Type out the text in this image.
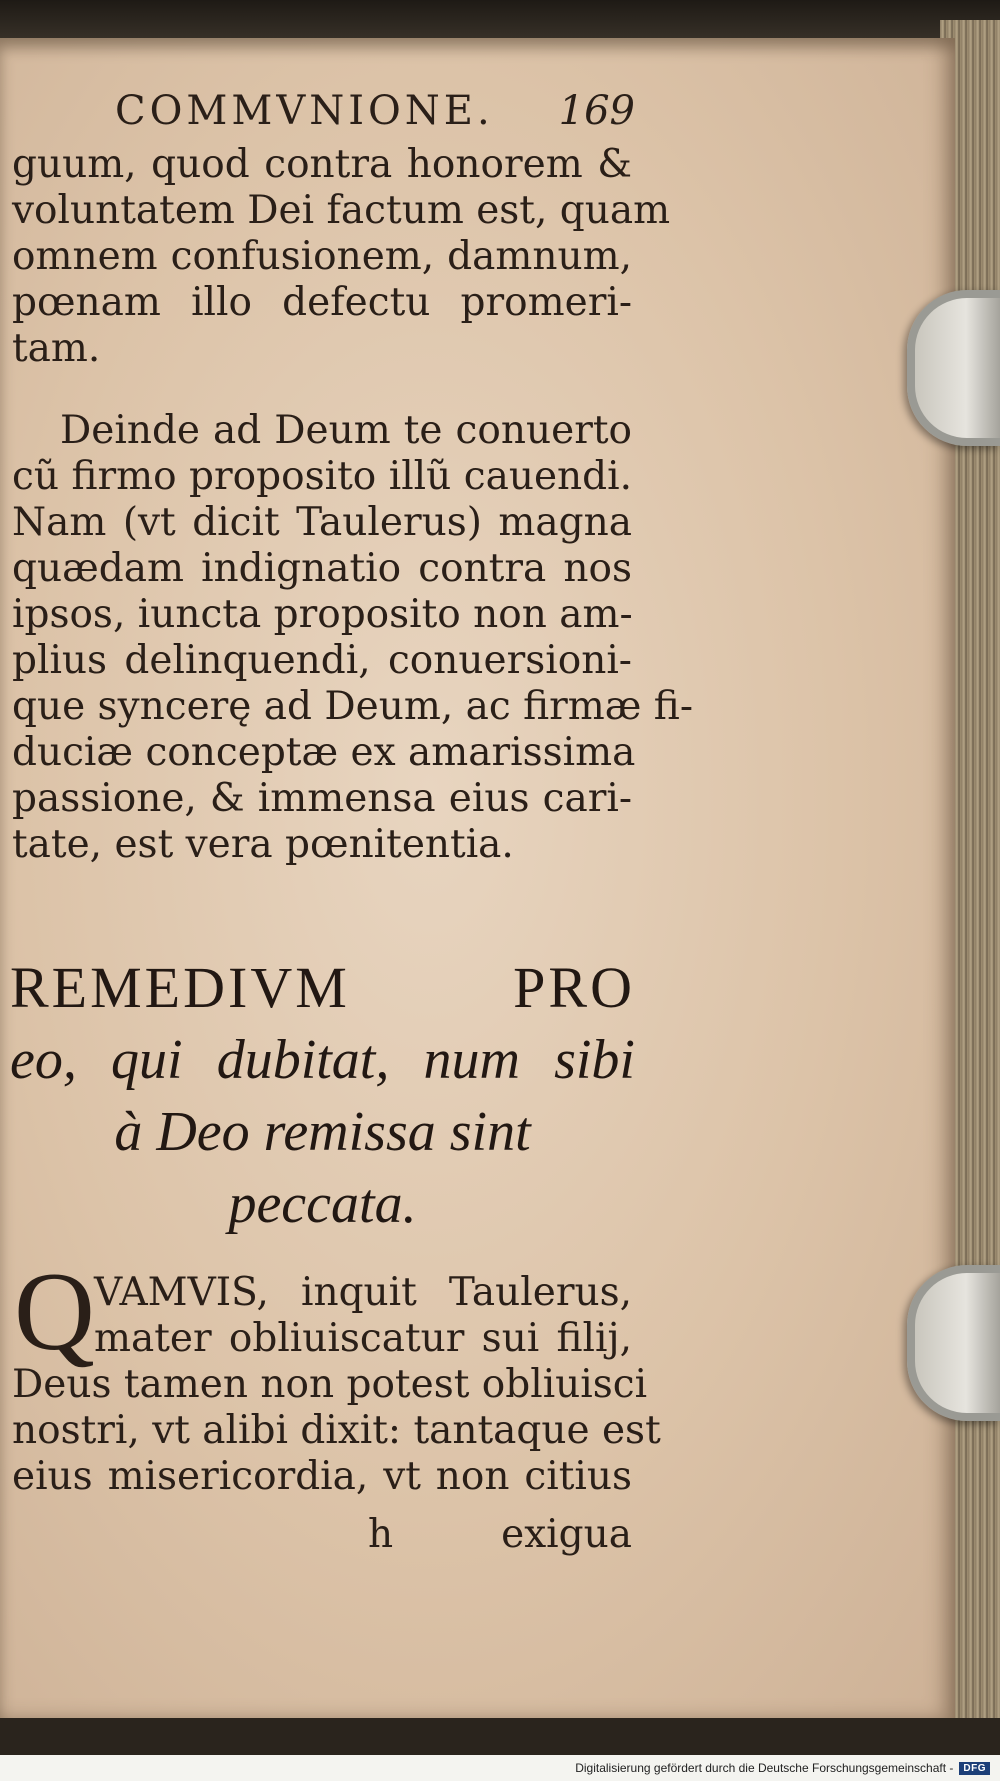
COMMVNIONE. 169
guum, quod contra honorem &
voluntatem Dei factum est, quam
omnem confusionem, damnum,
pœnam illo defectu promeri-
tam.
Deinde ad Deum te conuerto
cũ firmo proposito illũ cauendi.
Nam (vt dicit Taulerus) magna
quædam indignatio contra nos
ipsos, iuncta proposito non am-
plius delinquendi, conuersioni-
que syncerę ad Deum, ac firmæ fi-
duciæ conceptæ ex amarissima
passione, & immensa eius cari-
tate, est vera pœnitentia.
REMEDIVM PRO
eo, qui dubitat, num sibi
à Deo remissa sint
peccata.
Q VAMVIS, inquit Taulerus,
mater obliuiscatur sui filij,
Deus tamen non potest obliuisci
nostri, vt alibi dixit: tantaque est
eius misericordia, vt non citius
h	exigua
Digitalisierung gefördert durch die Deutsche Forschungsgemeinschaft -	DFG
